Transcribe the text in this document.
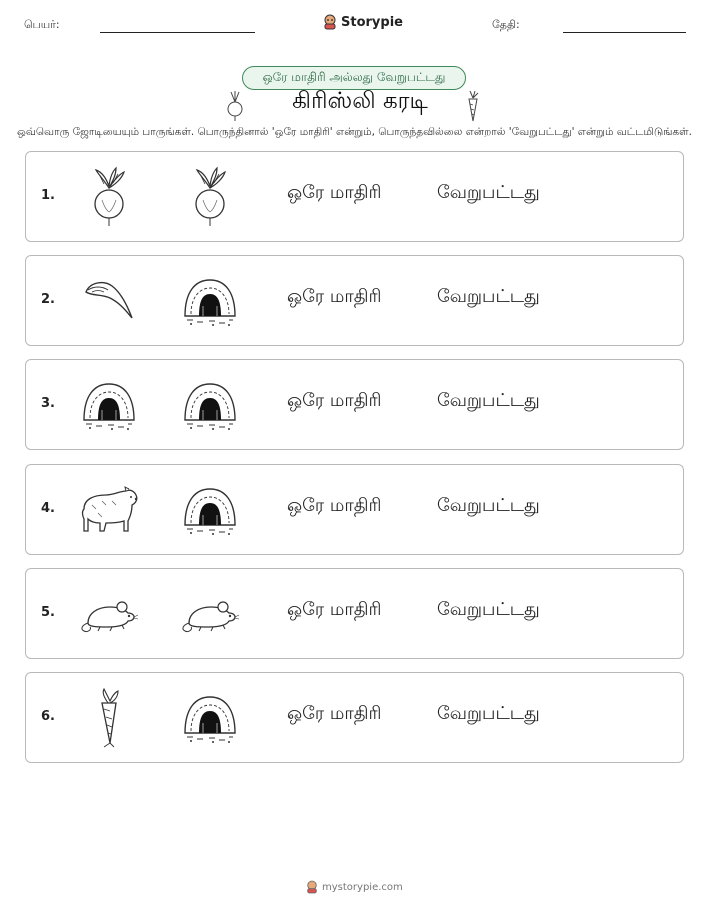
பெயர்:	Storypie	தேதி:
ஒரே மாதிரி அல்லது வேறுபட்டது
கிரிஸ்லி கரடி
ஒவ்வொரு ஜோடியையும் பாருங்கள். பொருந்தினால் 'ஒரே மாதிரி' என்றும், பொருந்தவில்லை என்றால் 'வேறுபட்டது' என்றும் வட்டமிடுங்கள்.
1.	ஒரே மாதிரி	வேறுபட்டது
2.	ஒரே மாதிரி	வேறுபட்டது
3.	ஒரே மாதிரி	வேறுபட்டது
4.	ஒரே மாதிரி	வேறுபட்டது
5.	ஒரே மாதிரி	வேறுபட்டது
6.	ஒரே மாதிரி	வேறுபட்டது
mystorypie.com
